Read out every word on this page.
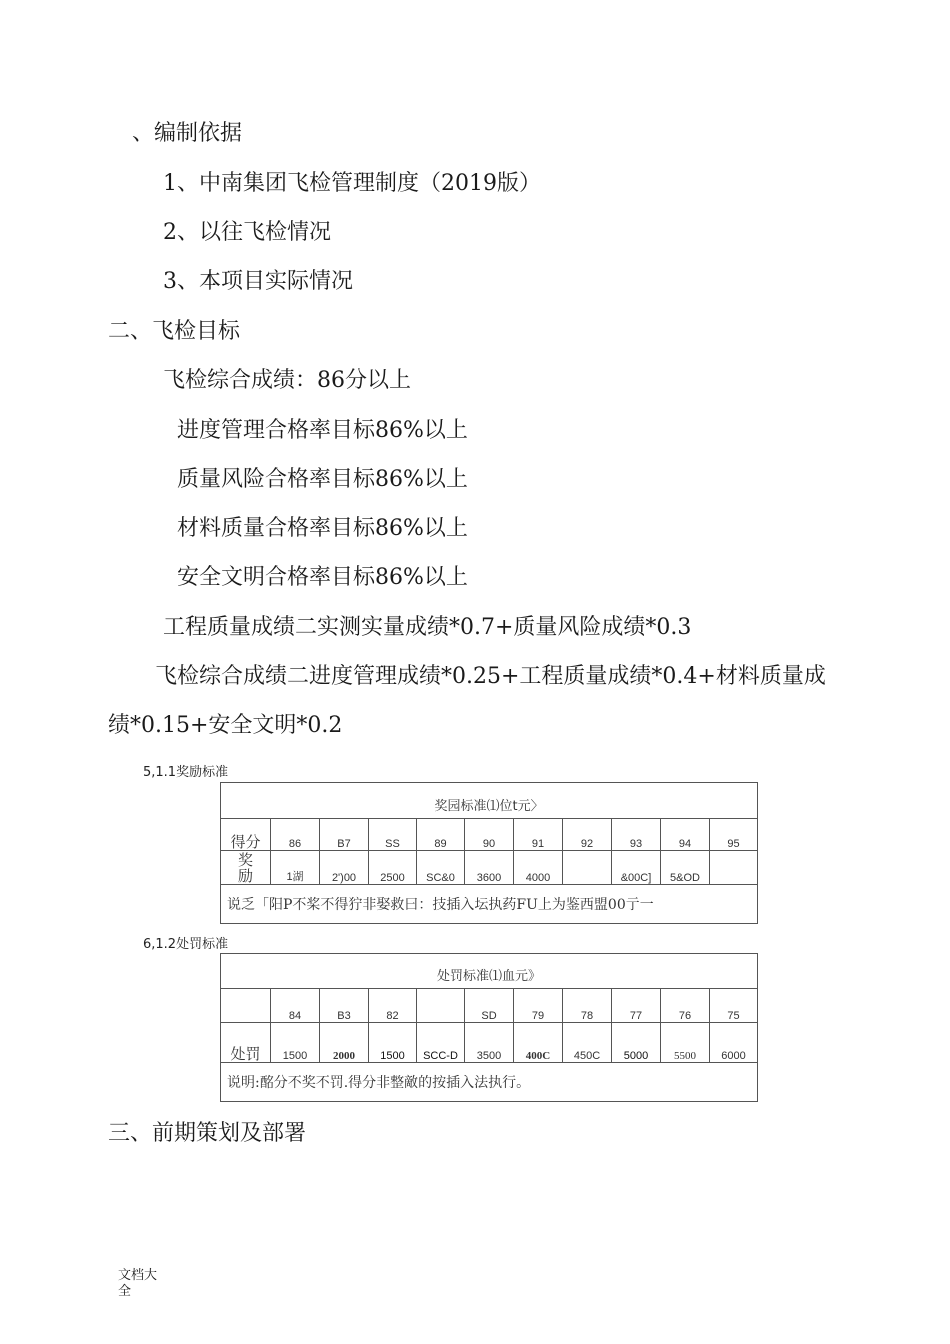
、编制依据
1、中南集团飞检管理制度（2019版）
2、以往飞检情况
3、本项目实际情况
二、飞检目标
飞检综合成绩：86分以上
进度管理合格率目标86%以上
质量风险合格率目标86%以上
材料质量合格率目标86%以上
安全文明合格率目标86%以上
工程质量成绩二实测实量成绩*0.7+质量风险成绩*0.3
飞检综合成绩二进度管理成绩*0.25+工程质量成绩*0.4+材料质量成
绩*0.15+安全文明*0.2
5,1.1奖励标准
奖园标准⑴位t元〉										
得分	86	B7	SS	89	90	91	92	93	94	95
奖
励	1湖	2')00	2500	SC&0	3600	4000		&00C]	5&OD	
说乏「阳P不桨不得狞非娶救曰：技插入坛执药FU上为鉴西盟00亍一										
6,1.2处罚标准
处罚标准⑴血元》										
	84	B3	82		SD	79	78	77	76	75
处罚	1500	2000	1500	SCC-D	3500	400C	450C	5000	5500	6000
说明:酩分不奖不罚.得分非整敵的按插入法执行。										
三、前期策划及部署
文档大
全
